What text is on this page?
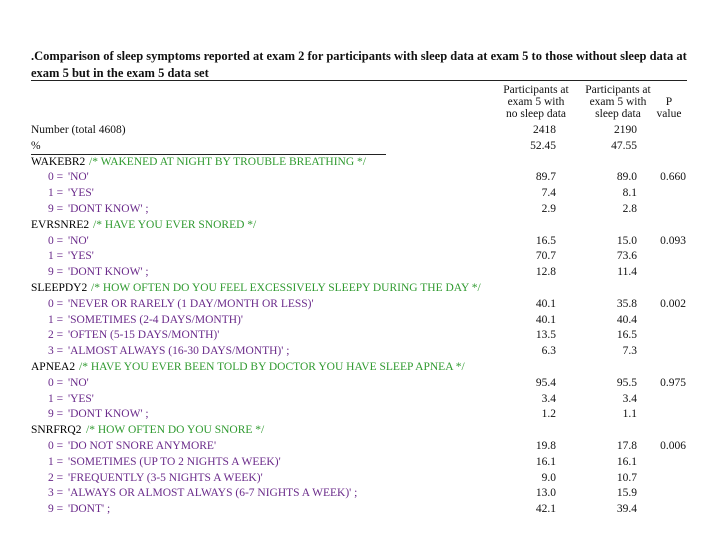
.Comparison of sleep symptoms reported at exam 2 for participants with sleep data at exam 5 to those without sleep data at exam 5 but in the exam 5 data set
Participants at
exam 5 with
no sleep data
Participants at
exam 5 with
sleep data
P
value
Number (total 4608)	2418	2190
%	52.45	47.55
WAKEBR2 /* WAKENED AT NIGHT BY TROUBLE BREATHING */
0 = 'NO'	89.7	89.0 0.660
1 = 'YES'	7.4	8.1
9 = 'DONT KNOW' ;	2.9	2.8
EVRSNRE2 /* HAVE YOU EVER SNORED */
0 = 'NO'	16.5	15.0 0.093
1 = 'YES'	70.7	73.6
9 = 'DONT KNOW' ;	12.8	11.4
SLEEPDY2 /* HOW OFTEN DO YOU FEEL EXCESSIVELY SLEEPY DURING THE DAY */
0 = 'NEVER OR RARELY (1 DAY/MONTH OR LESS)'	40.1	35.8 0.002
1 = 'SOMETIMES (2-4 DAYS/MONTH)'	40.1	40.4
2 = 'OFTEN (5-15 DAYS/MONTH)'	13.5	16.5
3 = 'ALMOST ALWAYS (16-30 DAYS/MONTH)' ;	6.3	7.3
APNEA2 /* HAVE YOU EVER BEEN TOLD BY DOCTOR YOU HAVE SLEEP APNEA */
0 = 'NO'	95.4	95.5 0.975
1 = 'YES'	3.4	3.4
9 = 'DONT KNOW' ;	1.2	1.1
SNRFRQ2 /* HOW OFTEN DO YOU SNORE */
0 = 'DO NOT SNORE ANYMORE'	19.8	17.8 0.006
1 = 'SOMETIMES (UP TO 2 NIGHTS A WEEK)'	16.1	16.1
2 = 'FREQUENTLY (3-5 NIGHTS A WEEK)'	9.0	10.7
3 = 'ALWAYS OR ALMOST ALWAYS (6-7 NIGHTS A WEEK)' ;	13.0	15.9
9 = 'DONT' ;	42.1	39.4
